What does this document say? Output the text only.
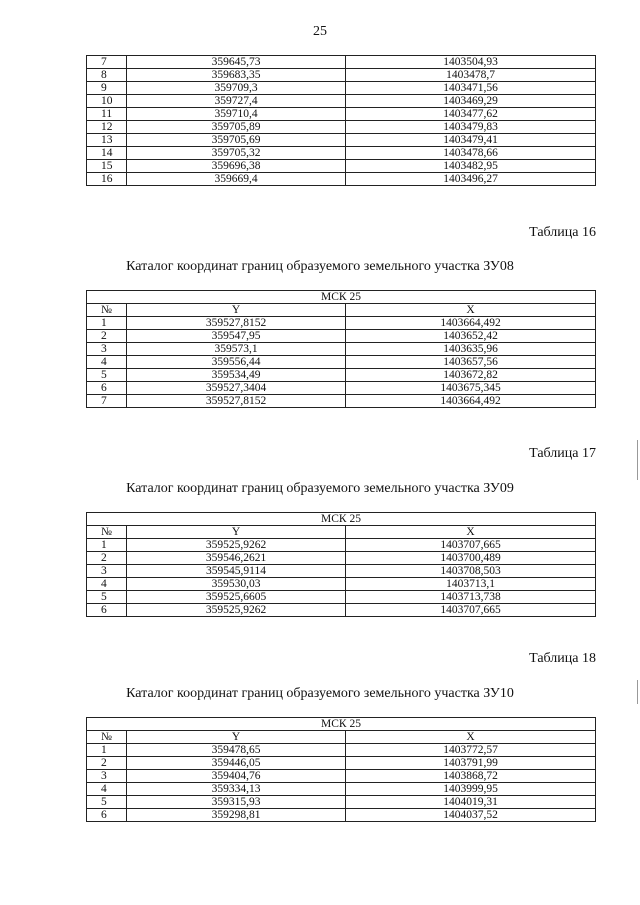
25
7	359645,73	1403504,93
8	359683,35	1403478,7
9	359709,3	1403471,56
10	359727,4	1403469,29
11	359710,4	1403477,62
12	359705,89	1403479,83
13	359705,69	1403479,41
14	359705,32	1403478,66
15	359696,38	1403482,95
16	359669,4	1403496,27
Таблица 16
Каталог координат границ образуемого земельного участка ЗУ08
МСК 25		
№	Y	X
1	359527,8152	1403664,492
2	359547,95	1403652,42
3	359573,1	1403635,96
4	359556,44	1403657,56
5	359534,49	1403672,82
6	359527,3404	1403675,345
7	359527,8152	1403664,492
Таблица 17
Каталог координат границ образуемого земельного участка ЗУ09
МСК 25		
№	Y	X
1	359525,9262	1403707,665
2	359546,2621	1403700,489
3	359545,9114	1403708,503
4	359530,03	1403713,1
5	359525,6605	1403713,738
6	359525,9262	1403707,665
Таблица 18
Каталог координат границ образуемого земельного участка ЗУ10
МСК 25		
№	Y	X
1	359478,65	1403772,57
2	359446,05	1403791,99
3	359404,76	1403868,72
4	359334,13	1403999,95
5	359315,93	1404019,31
6	359298,81	1404037,52
